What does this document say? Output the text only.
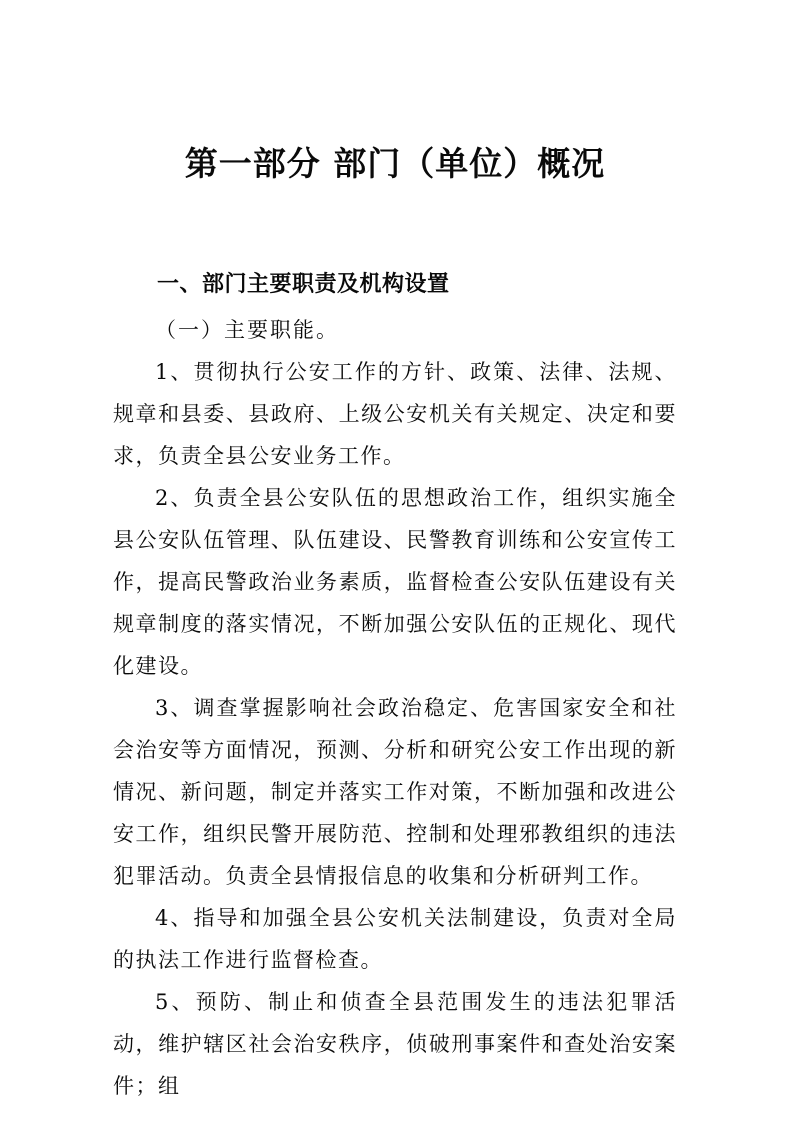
第一部分 部门（单位）概况
一、部门主要职责及机构设置
（一）主要职能。

1、贯彻执行公安工作的方针、政策、法律、法规、规章和县委、县政府、上级公安机关有关规定、决定和要求，负责全县公安业务工作。

2、负责全县公安队伍的思想政治工作，组织实施全县公安队伍管理、队伍建设、民警教育训练和公安宣传工作，提高民警政治业务素质，监督检查公安队伍建设有关规章制度的落实情况，不断加强公安队伍的正规化、现代化建设。

3、调查掌握影响社会政治稳定、危害国家安全和社会治安等方面情况，预测、分析和研究公安工作出现的新情况、新问题，制定并落实工作对策，不断加强和改进公安工作，组织民警开展防范、控制和处理邪教组织的违法犯罪活动。负责全县情报信息的收集和分析研判工作。

4、指导和加强全县公安机关法制建设，负责对全局的执法工作进行监督检查。

5、预防、制止和侦查全县范围发生的违法犯罪活动，维护辖区社会治安秩序，侦破刑事案件和查处治安案件；组
